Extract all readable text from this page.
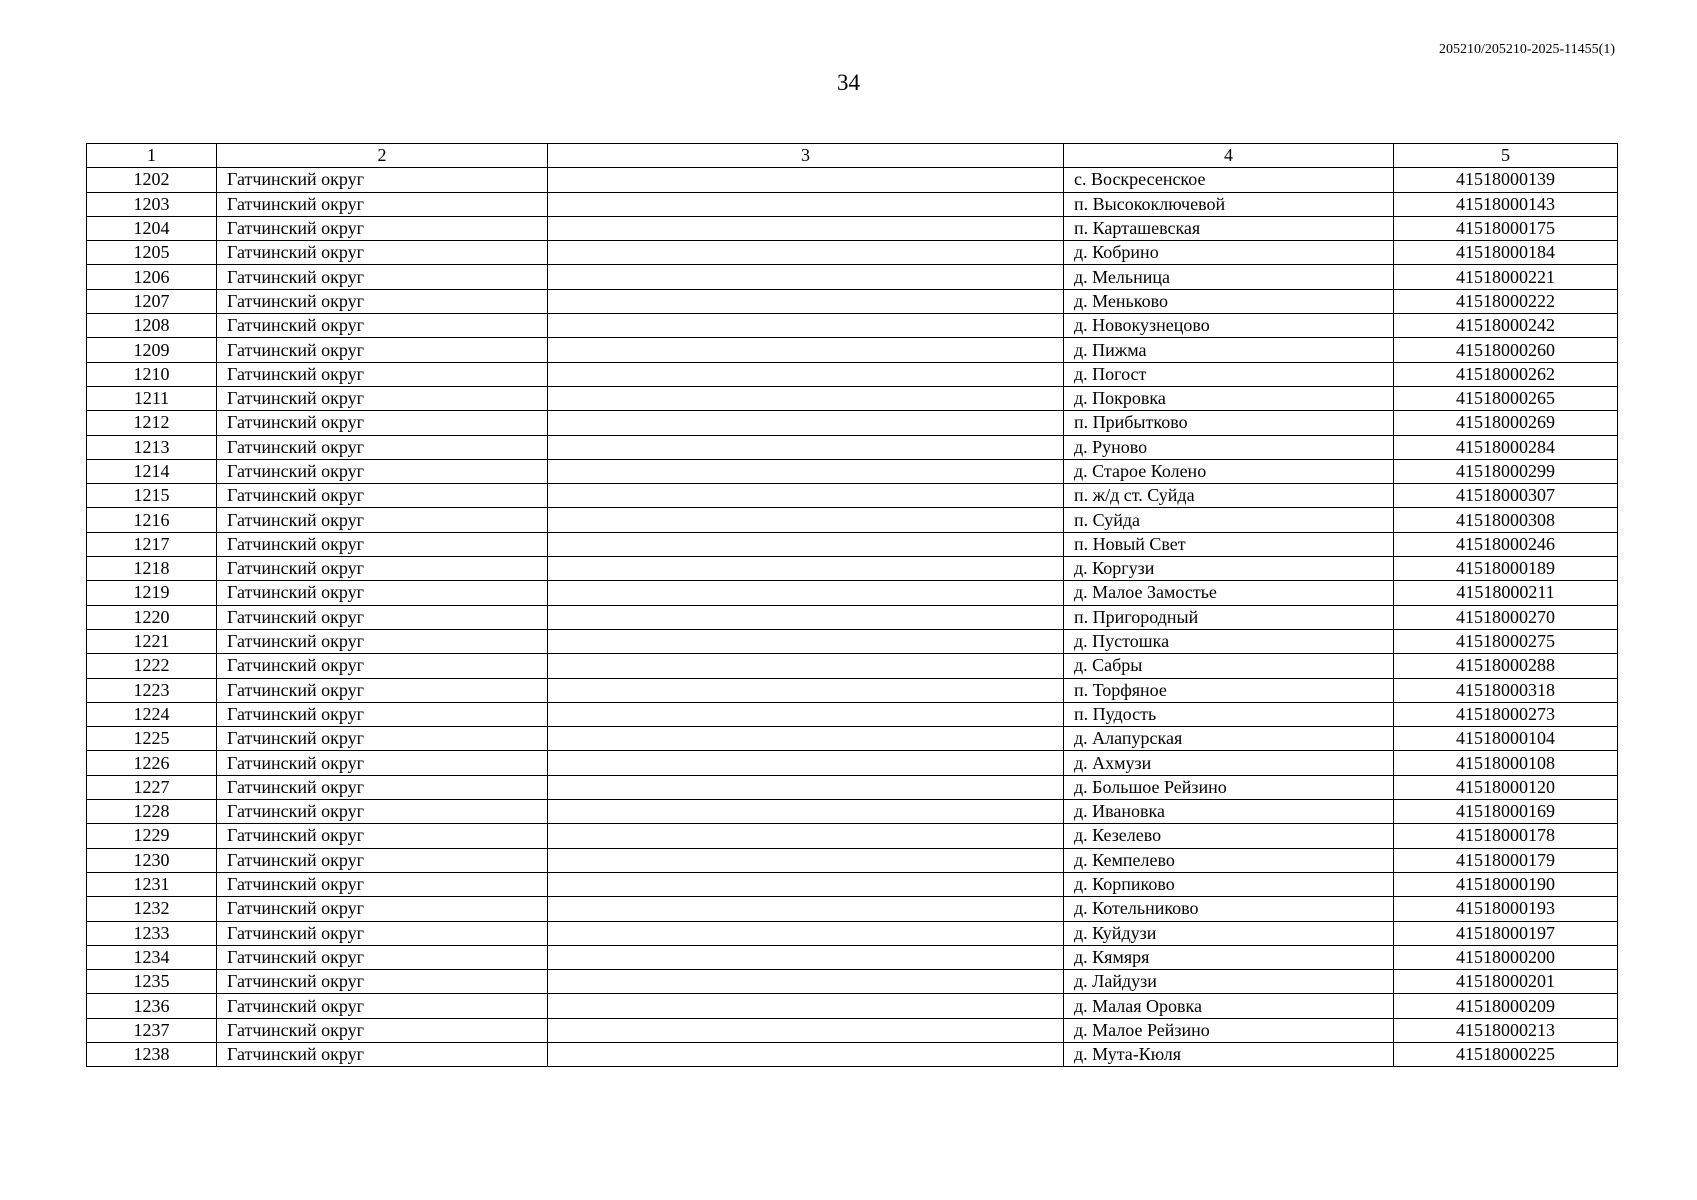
205210/205210-2025-11455(1)
34
1	2	3	4	5
1202	Гатчинский округ		с. Воскресенское	41518000139
1203	Гатчинский округ		п. Высокоключевой	41518000143
1204	Гатчинский округ		п. Карташевская	41518000175
1205	Гатчинский округ		д. Кобрино	41518000184
1206	Гатчинский округ		д. Мельница	41518000221
1207	Гатчинский округ		д. Меньково	41518000222
1208	Гатчинский округ		д. Новокузнецово	41518000242
1209	Гатчинский округ		д. Пижма	41518000260
1210	Гатчинский округ		д. Погост	41518000262
1211	Гатчинский округ		д. Покровка	41518000265
1212	Гатчинский округ		п. Прибытково	41518000269
1213	Гатчинский округ		д. Руново	41518000284
1214	Гатчинский округ		д. Старое Колено	41518000299
1215	Гатчинский округ		п. ж/д ст. Суйда	41518000307
1216	Гатчинский округ		п. Суйда	41518000308
1217	Гатчинский округ		п. Новый Свет	41518000246
1218	Гатчинский округ		д. Коргузи	41518000189
1219	Гатчинский округ		д. Малое Замостье	41518000211
1220	Гатчинский округ		п. Пригородный	41518000270
1221	Гатчинский округ		д. Пустошка	41518000275
1222	Гатчинский округ		д. Сабры	41518000288
1223	Гатчинский округ		п. Торфяное	41518000318
1224	Гатчинский округ		п. Пудость	41518000273
1225	Гатчинский округ		д. Алапурская	41518000104
1226	Гатчинский округ		д. Ахмузи	41518000108
1227	Гатчинский округ		д. Большое Рейзино	41518000120
1228	Гатчинский округ		д. Ивановка	41518000169
1229	Гатчинский округ		д. Кезелево	41518000178
1230	Гатчинский округ		д. Кемпелево	41518000179
1231	Гатчинский округ		д. Корпиково	41518000190
1232	Гатчинский округ		д. Котельниково	41518000193
1233	Гатчинский округ		д. Куйдузи	41518000197
1234	Гатчинский округ		д. Кямяря	41518000200
1235	Гатчинский округ		д. Лайдузи	41518000201
1236	Гатчинский округ		д. Малая Оровка	41518000209
1237	Гатчинский округ		д. Малое Рейзино	41518000213
1238	Гатчинский округ		д. Мута-Кюля	41518000225
